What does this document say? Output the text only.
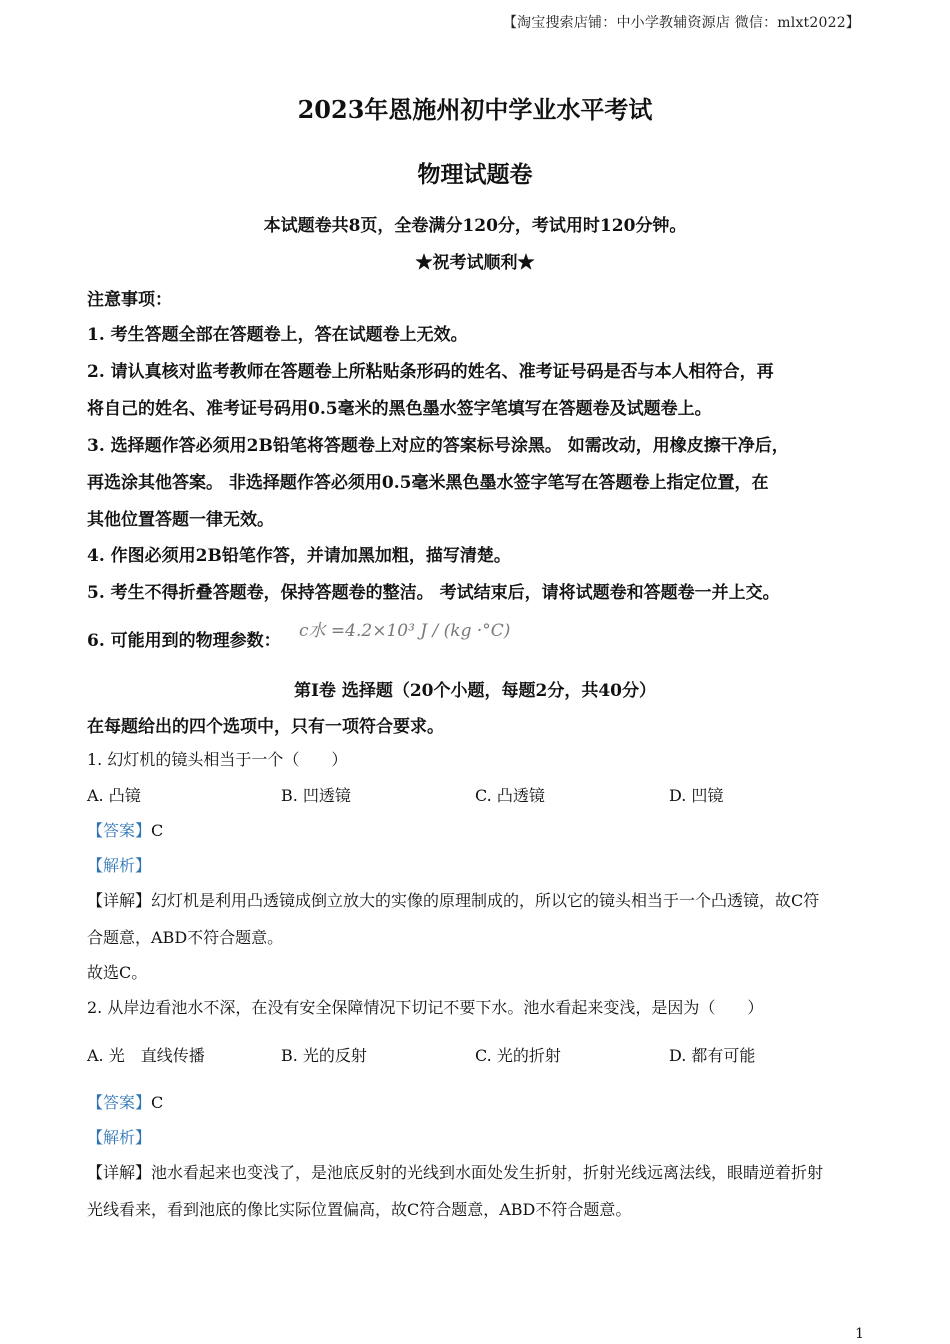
【淘宝搜索店铺：中小学教辅资源店 微信：mlxt2022】
2023年恩施州初中学业水平考试
物理试题卷
本试题卷共8页，全卷满分120分，考试用时120分钟。
★祝考试顺利★
注意事项：
1. 考生答题全部在答题卷上，答在试题卷上无效。
2. 请认真核对监考教师在答题卷上所粘贴条形码的姓名、准考证号码是否与本人相符合，再
将自己的姓名、准考证号码用0.5毫米的黑色墨水签字笔填写在答题卷及试题卷上。
3. 选择题作答必须用2B铅笔将答题卷上对应的答案标号涂黑。 如需改动，用橡皮擦干净后，
再选涂其他答案。 非选择题作答必须用0.5毫米黑色墨水签字笔写在答题卷上指定位置，在
其他位置答题一律无效。
4. 作图必须用2B铅笔作答，并请加黑加粗，描写清楚。
5. 考生不得折叠答题卷，保持答题卷的整洁。 考试结束后，请将试题卷和答题卷一并上交。
6. 可能用到的物理参数： c水 =4.2×10³ J / (kg ·°C)
第I卷 选择题（20个小题，每题2分，共40分）
在每题给出的四个选项中，只有一项符合要求。
1. 幻灯机的镜头相当于一个（　　）
A. 凸镜	B. 凹透镜	C. 凸透镜	D. 凹镜
【答案】C
【解析】
【详解】幻灯机是利用凸透镜成倒立放大的实像的原理制成的，所以它的镜头相当于一个凸透镜，故C符
合题意，ABD不符合题意。
故选C。
2. 从岸边看池水不深，在没有安全保障情况下切记不要下水。池水看起来变浅，是因为（　　）
A. 光　直线传播	B. 光的反射	C. 光的折射	D. 都有可能
【答案】C
【解析】
【详解】池水看起来也变浅了，是池底反射的光线到水面处发生折射，折射光线远离法线，眼睛逆着折射
光线看来，看到池底的像比实际位置偏高，故C符合题意，ABD不符合题意。
1
